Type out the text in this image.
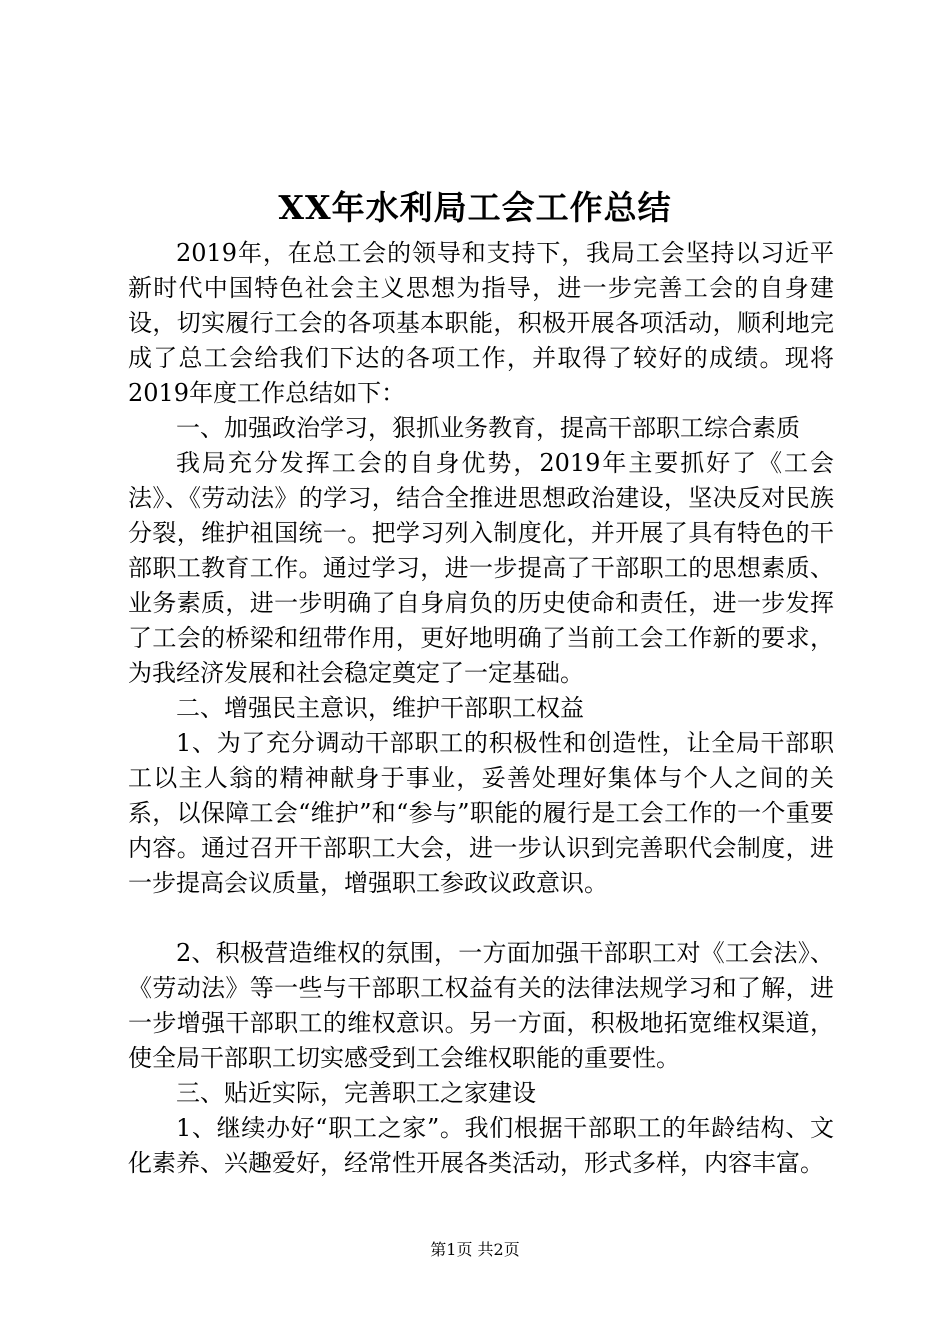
XX年水利局工会工作总结

2019年，在总工会的领导和支持下，我局工会坚持以习近平新时代中国特色社会主义思想为指导，进一步完善工会的自身建设，切实履行工会的各项基本职能，积极开展各项活动，顺利地完成了总工会给我们下达的各项工作，并取得了较好的成绩。现将2019年度工作总结如下：

一、加强政治学习，狠抓业务教育，提高干部职工综合素质

我局充分发挥工会的自身优势，2019年主要抓好了《工会法》、《劳动法》的学习，结合全推进思想政治建设，坚决反对民族分裂，维护祖国统一。把学习列入制度化，并开展了具有特色的干部职工教育工作。通过学习，进一步提高了干部职工的思想素质、业务素质，进一步明确了自身肩负的历史使命和责任，进一步发挥了工会的桥梁和纽带作用，更好地明确了当前工会工作新的要求，为我经济发展和社会稳定奠定了一定基础。

二、增强民主意识，维护干部职工权益

1、为了充分调动干部职工的积极性和创造性，让全局干部职工以主人翁的精神献身于事业，妥善处理好集体与个人之间的关系，以保障工会“维护”和“参与”职能的履行是工会工作的一个重要内容。通过召开干部职工大会，进一步认识到完善职代会制度，进一步提高会议质量，增强职工参政议政意识。

2、积极营造维权的氛围，一方面加强干部职工对《工会法》、《劳动法》等一些与干部职工权益有关的法律法规学习和了解，进一步增强干部职工的维权意识。另一方面，积极地拓宽维权渠道，使全局干部职工切实感受到工会维权职能的重要性。

三、贴近实际，完善职工之家建设

1、继续办好“职工之家”。我们根据干部职工的年龄结构、文化素养、兴趣爱好，经常性开展各类活动，形式多样，内容丰富。

第1页 共2页
